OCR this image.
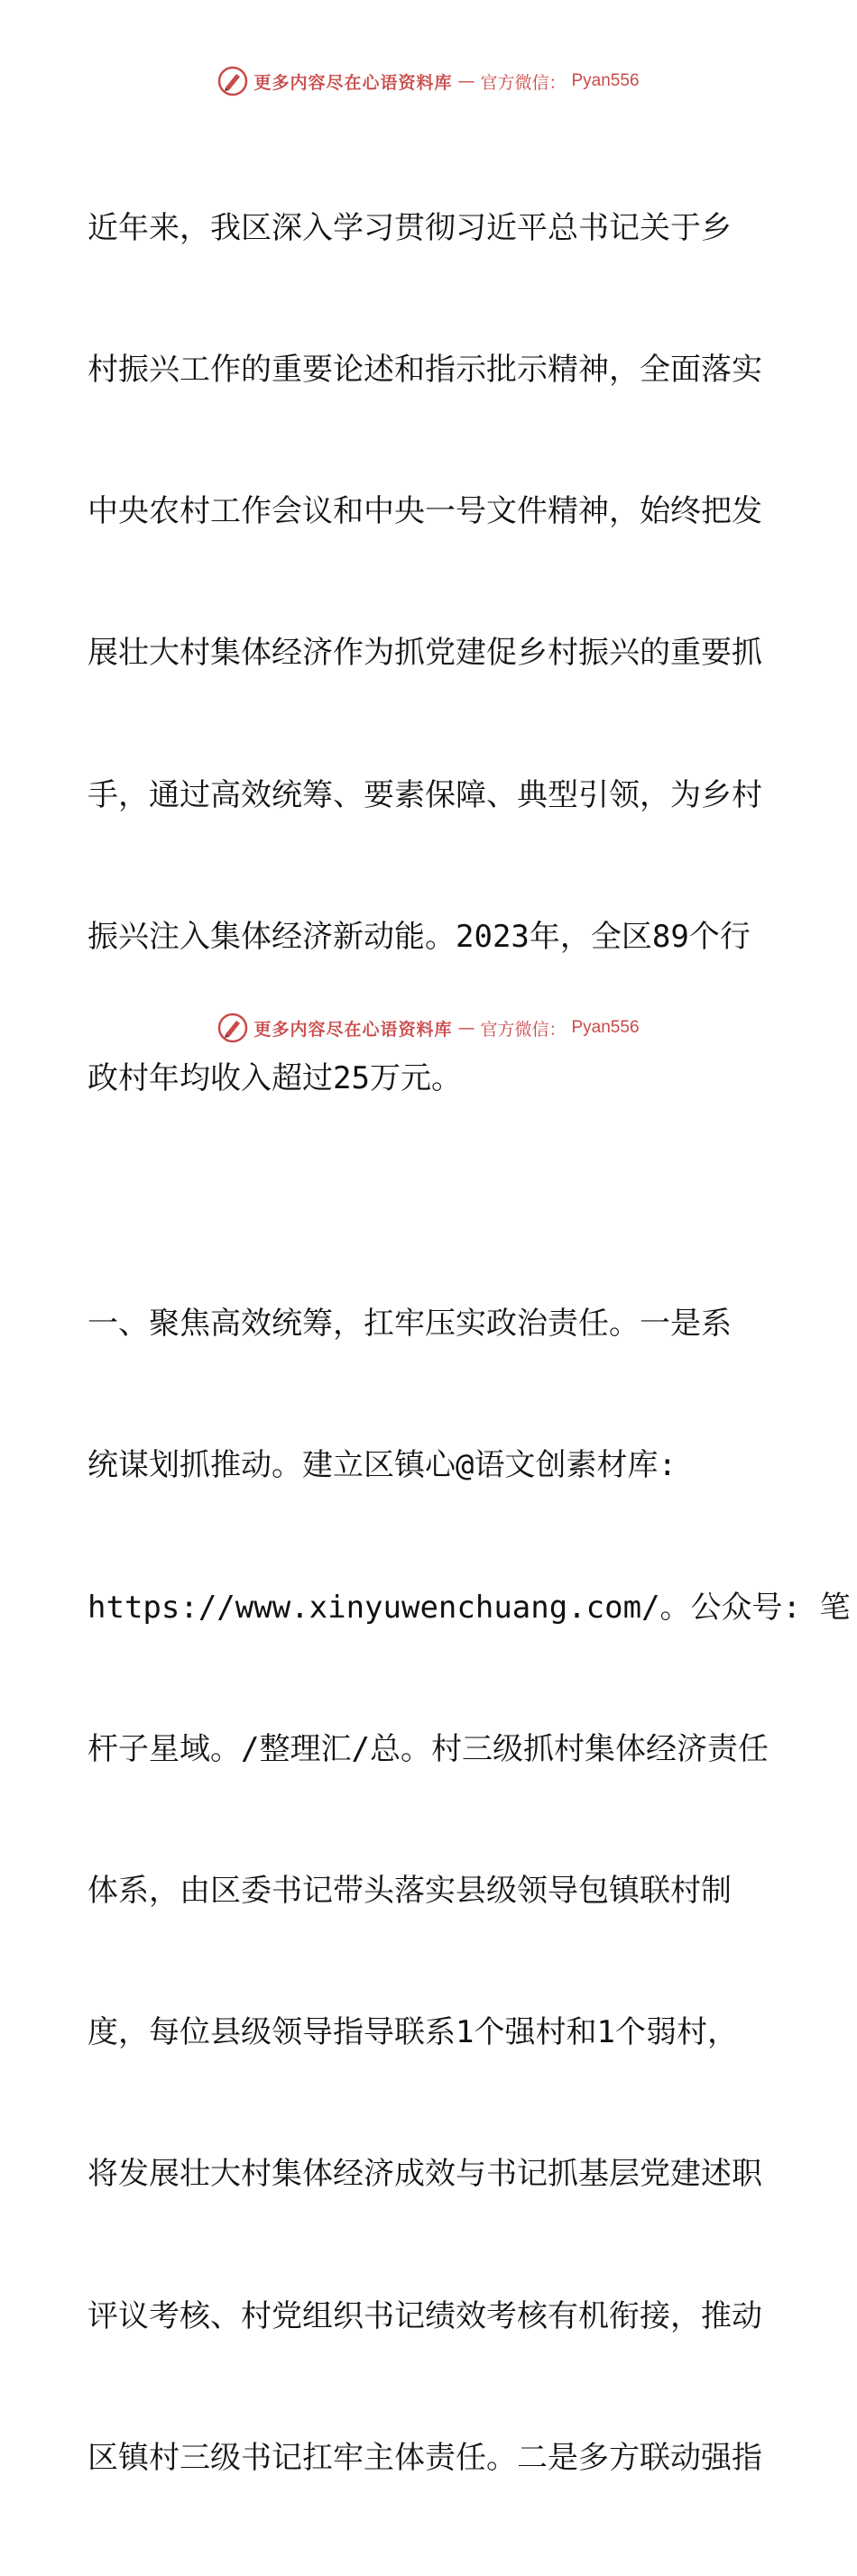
更多内容尽在心语资料库 — 官方微信： Pyan556

近年来，我区深入学习贯彻习近平总书记关于乡

村振兴工作的重要论述和指示批示精神，全面落实

中央农村工作会议和中央一号文件精神，始终把发

展壮大村集体经济作为抓党建促乡村振兴的重要抓

手，通过高效统筹、要素保障、典型引领，为乡村

振兴注入集体经济新动能。2023年，全区89个行

政村年均收入超过25万元。

一、聚焦高效统筹，扛牢压实政治责任。一是系

统谋划抓推动。建立区镇心@语文创素材库:

https://www.xinyuwenchuang.com/。公众号: 笔

杆子星域。/整理汇/总。村三级抓村集体经济责任

体系，由区委书记带头落实县级领导包镇联村制

度，每位县级领导指导联系1个强村和1个弱村，

将发展壮大村集体经济成效与书记抓基层党建述职

评议考核、村党组织书记绩效考核有机衔接，推动

区镇村三级书记扛牢主体责任。二是多方联动强指

更多内容尽在心语资料库 — 官方微信： Pyan556
